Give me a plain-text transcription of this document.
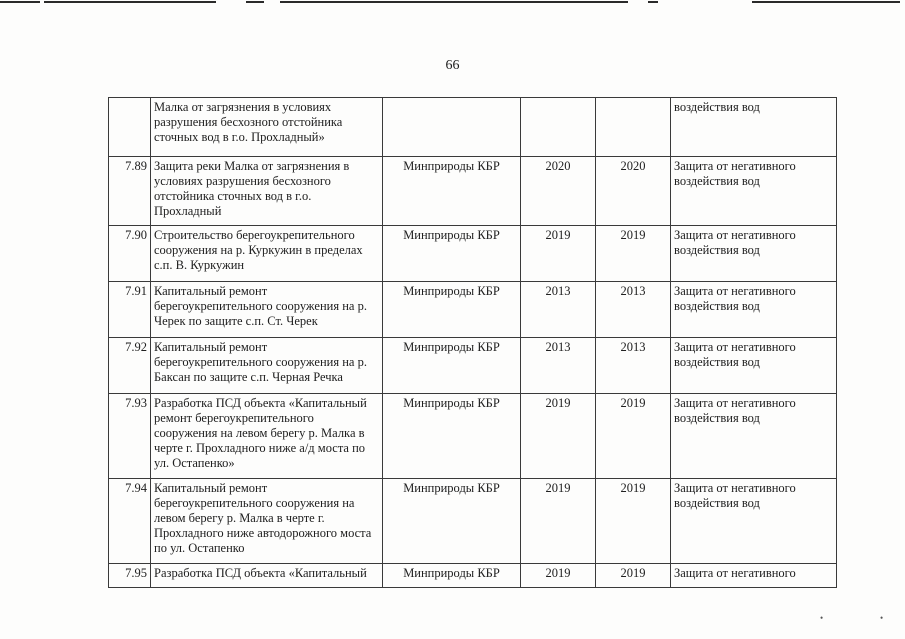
•	•
66
	Малка от загрязнения в условиях разрушения бесхозного отстойника сточных вод в г.о. Прохладный»				воздействия вод
7.89	Защита реки Малка от загрязнения в условиях разрушения бесхозного отстойника сточных вод в г.о. Прохладный	Минприроды КБР	2020	2020	Защита от негативного воздействия вод
7.90	Строительство берегоукрепительного сооружения на р. Куркужин в пределах с.п. В. Куркужин	Минприроды КБР	2019	2019	Защита от негативного воздействия вод
7.91	Капитальный ремонт берегоукрепительного сооружения на р. Черек по защите с.п. Ст. Черек	Минприроды КБР	2013	2013	Защита от негативного воздействия вод
7.92	Капитальный ремонт берегоукрепительного сооружения на р. Баксан по защите с.п. Черная Речка	Минприроды КБР	2013	2013	Защита от негативного воздействия вод
7.93	Разработка ПСД объекта «Капитальный ремонт берегоукрепительного сооружения на левом берегу р. Малка в черте г. Прохладного ниже а/д моста по ул. Остапенко»	Минприроды КБР	2019	2019	Защита от негативного воздействия вод
7.94	Капитальный ремонт берегоукрепительного сооружения на левом берегу р. Малка в черте г. Прохладного ниже автодорожного моста по ул. Остапенко	Минприроды КБР	2019	2019	Защита от негативного воздействия вод
7.95	Разработка ПСД объекта «Капитальный	Минприроды КБР	2019	2019	Защита от негативного
